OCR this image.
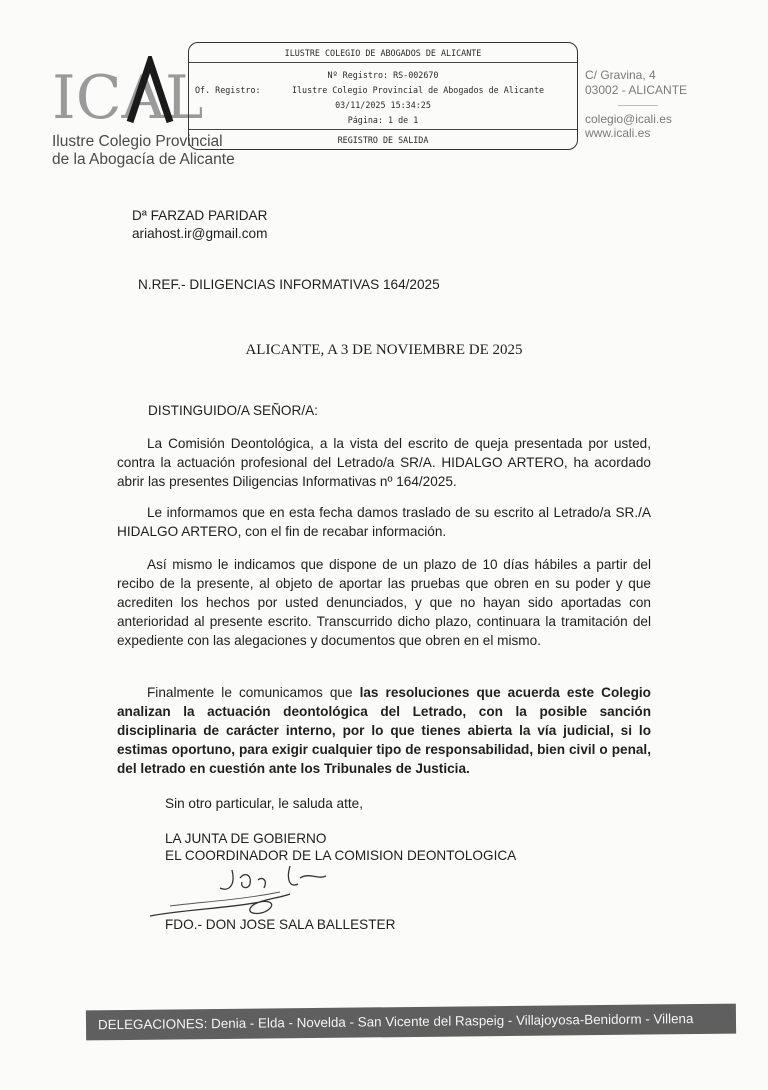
ICAL
Ilustre Colegio Provincial
de la Abogacía de Alicante
ILUSTRE COLEGIO DE ABOGADOS DE ALICANTE
Nº Registro: RS-002670
Of. Registro:	Ilustre Colegio Provincial de Abogados de Alicante
03/11/2025 15:34:25
Página: 1 de 1
REGISTRO DE SALIDA
C/ Gravina, 4
03002 - ALICANTE
colegio@icali.es
www.icali.es
Dª FARZAD PARIDAR
ariahost.ir@gmail.com
N.REF.- DILIGENCIAS INFORMATIVAS 164/2025
ALICANTE, A 3 DE NOVIEMBRE DE 2025
DISTINGUIDO/A SEÑOR/A:
La Comisión Deontológica, a la vista del escrito de queja presentada por usted, contra la actuación profesional del Letrado/a SR/A. HIDALGO ARTERO, ha acordado abrir las presentes Diligencias Informativas nº 164/2025.
Le informamos que en esta fecha damos traslado de su escrito al Letrado/a SR./A HIDALGO ARTERO, con el fin de recabar información.
Así mismo le indicamos que dispone de un plazo de 10 días hábiles a partir del recibo de la presente, al objeto de aportar las pruebas que obren en su poder y que acrediten los hechos por usted denunciados, y que no hayan sido aportadas con anterioridad al presente escrito. Transcurrido dicho plazo, continuara la tramitación del expediente con las alegaciones y documentos que obren en el mismo.
Finalmente le comunicamos que las resoluciones que acuerda este Colegio analizan la actuación deontológica del Letrado, con la posible sanción disciplinaria de carácter interno, por lo que tienes abierta la vía judicial, si lo estimas oportuno, para exigir cualquier tipo de responsabilidad, bien civil o penal, del letrado en cuestión ante los Tribunales de Justicia.
Sin otro particular, le saluda atte,
LA JUNTA DE GOBIERNO
EL COORDINADOR DE LA COMISION DEONTOLOGICA
FDO.- DON JOSE SALA BALLESTER
DELEGACIONES: Denia - Elda - Novelda - San Vicente del Raspeig - Villajoyosa-Benidorm - Villena
